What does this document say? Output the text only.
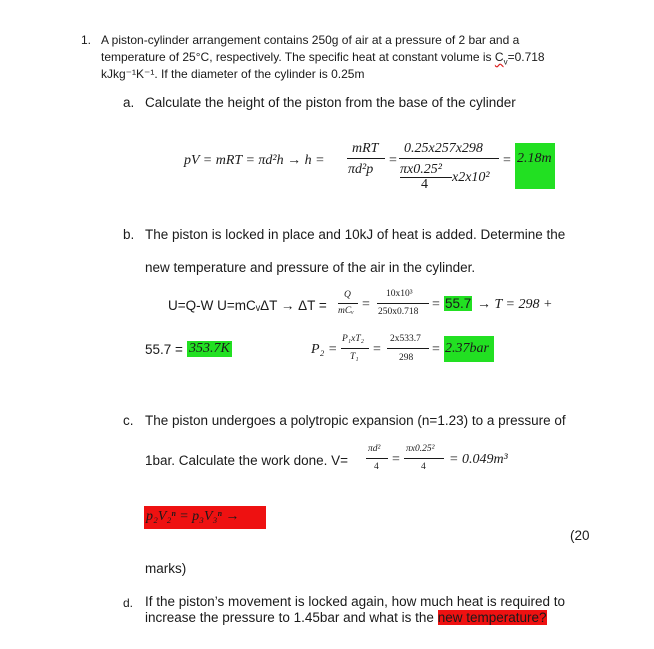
1. A piston-cylinder arrangement contains 250g of air at a pressure of 2 bar and a
temperature of 25°C, respectively. The specific heat at constant volume is $C_v=0.718$
kJkg⁻¹K⁻¹. If the diameter of the cylinder is 0.25m
a. Calculate the height of the piston from the base of the cylinder
pV = mRT = πd²h → h =
mRT
πd²p
=
0.25x257x298
πx0.25²
4 x2x10²
= 2.18m
b. The piston is locked in place and 10kJ of heat is added. Determine the
new temperature and pressure of the air in the cylinder.
U=Q-W U=mCᵥΔT → ΔT =
Q
mCᵥ =
10x10³
250x0.718 = 55.7 → T = 298 +
55.7 = 353.7K	P₂ =
P₁xT₂
T₁ =
2x533.7
298
= 2.37bar
c. The piston undergoes a polytropic expansion (n=1.23) to a pressure of
1bar. Calculate the work done. V=
πd²
4 =
πx0.25²
4 = 0.049m³
p₂V₂ⁿ = p₃V₃ⁿ →
(20
marks)
d. If the piston’s movement is locked again, how much heat is required to
increase the pressure to 1.45bar and what is the new temperature?
